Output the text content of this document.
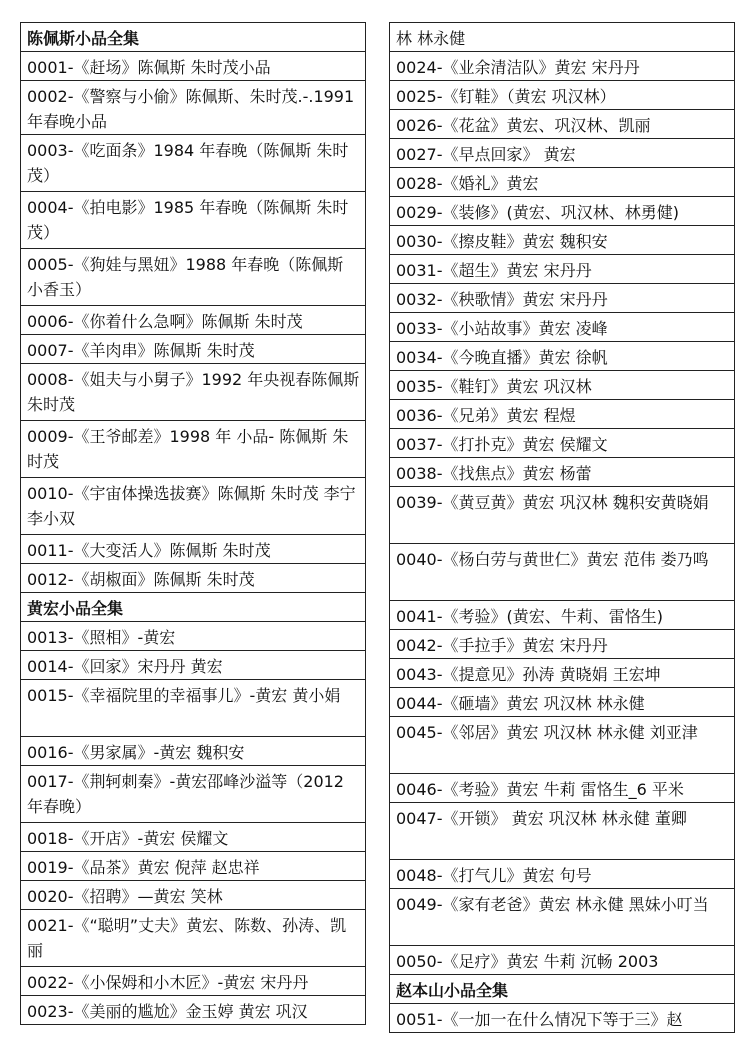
陈佩斯小品全集
0001-《赶场》陈佩斯 朱时茂小品
0002-《警察与小偷》陈佩斯、朱时茂.-.1991 年春晚小品
0003-《吃面条》1984 年春晚（陈佩斯 朱时茂）
0004-《拍电影》1985 年春晚（陈佩斯 朱时茂）
0005-《狗娃与黑妞》1988 年春晚（陈佩斯 小香玉）
0006-《你着什么急啊》陈佩斯 朱时茂
0007-《羊肉串》陈佩斯 朱时茂
0008-《姐夫与小舅子》1992 年央视春陈佩斯 朱时茂
0009-《王爷邮差》1998 年 小品- 陈佩斯 朱时茂
0010-《宇宙体操选拔赛》陈佩斯 朱时茂 李宁 李小双
0011-《大变活人》陈佩斯 朱时茂
0012-《胡椒面》陈佩斯 朱时茂
黄宏小品全集
0013-《照相》-黄宏
0014-《回家》宋丹丹 黄宏
0015-《幸福院里的幸福事儿》-黄宏 黄小娟
0016-《男家属》-黄宏 魏积安
0017-《荆轲刺秦》-黄宏邵峰沙溢等（2012 年春晚）
0018-《开店》-黄宏 侯耀文
0019-《品茶》黄宏 倪萍 赵忠祥
0020-《招聘》—黄宏 笑林
0021-《“聪明”丈夫》黄宏、陈数、孙涛、凯丽
0022-《小保姆和小木匠》-黄宏 宋丹丹
0023-《美丽的尴尬》金玉婷 黄宏 巩汉
林 林永健
0024-《业余清洁队》黄宏 宋丹丹
0025-《钉鞋》（黄宏 巩汉林）
0026-《花盆》黄宏、巩汉林、凯丽
0027-《早点回家》 黄宏
0028-《婚礼》黄宏
0029-《装修》(黄宏、巩汉林、林勇健)
0030-《擦皮鞋》黄宏 魏积安
0031-《超生》黄宏 宋丹丹
0032-《秧歌情》黄宏 宋丹丹
0033-《小站故事》黄宏 凌峰
0034-《今晚直播》黄宏 徐帆
0035-《鞋钉》黄宏 巩汉林
0036-《兄弟》黄宏 程煜
0037-《打扑克》黄宏 侯耀文
0038-《找焦点》黄宏 杨蕾
0039-《黄豆黄》黄宏 巩汉林 魏积安黄晓娟
0040-《杨白劳与黄世仁》黄宏 范伟 娄乃鸣
0041-《考验》(黄宏、牛莉、雷恪生)
0042-《手拉手》黄宏 宋丹丹
0043-《提意见》孙涛 黄晓娟 王宏坤
0044-《砸墙》黄宏 巩汉林 林永健
0045-《邻居》黄宏 巩汉林 林永健 刘亚津
0046-《考验》黄宏 牛莉 雷恪生_6 平米
0047-《开锁》 黄宏 巩汉林 林永健 董卿
0048-《打气儿》黄宏 句号
0049-《家有老爸》黄宏 林永健 黑妹小叮当
0050-《足疗》黄宏 牛莉 沉畅 2003
赵本山小品全集
0051-《一加一在什么情况下等于三》赵
